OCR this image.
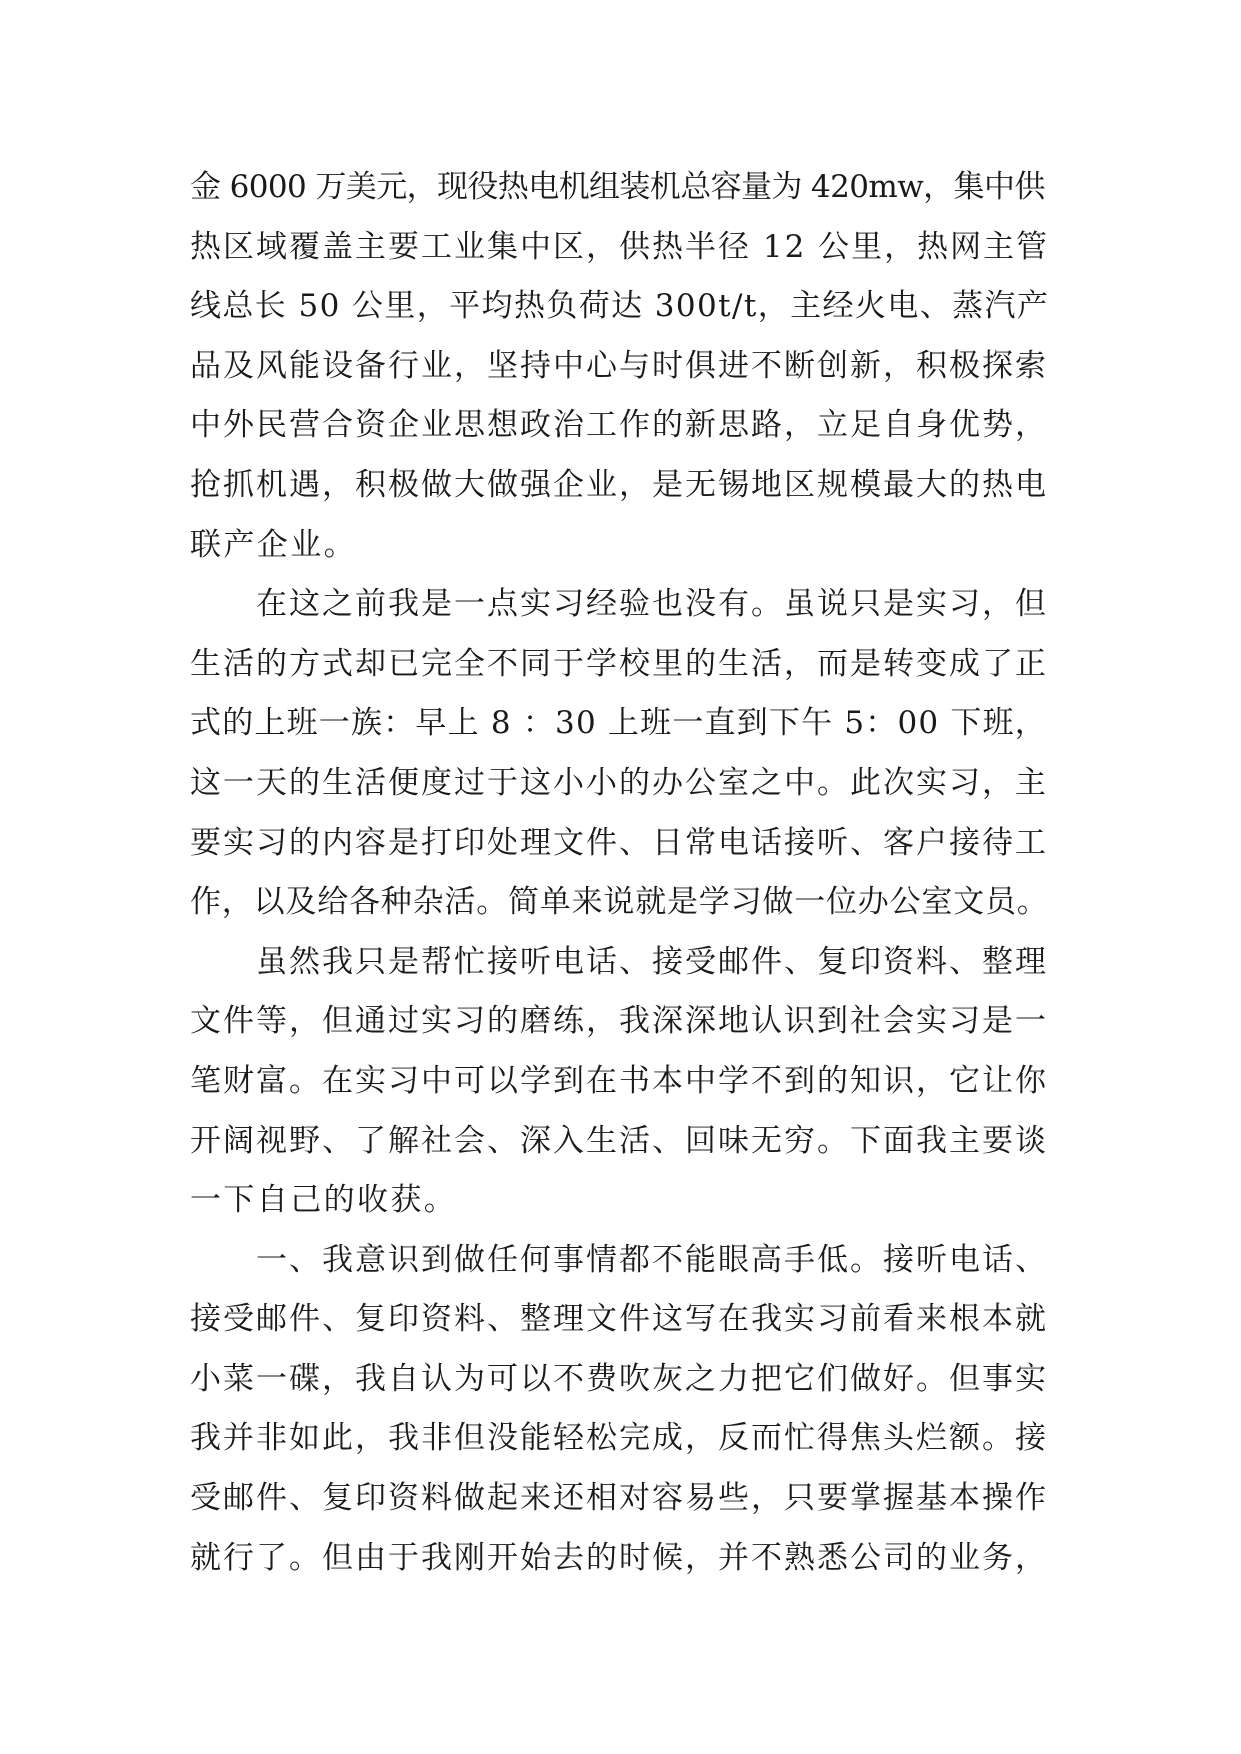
金 6000 万美元，现役热电机组装机总容量为 420mw，集中供
热区域覆盖主要工业集中区，供热半径 12 公里，热网主管
线总长 50 公里，平均热负荷达 300t/t，主经火电、蒸汽产
品及风能设备行业，坚持中心与时俱进不断创新，积极探索
中外民营合资企业思想政治工作的新思路，立足自身优势，
抢抓机遇，积极做大做强企业，是无锡地区规模最大的热电
联产企业。
在这之前我是一点实习经验也没有。虽说只是实习，但
生活的方式却已完全不同于学校里的生活，而是转变成了正
式的上班一族：早上 8 ：30 上班一直到下午 5：00 下班，
这一天的生活便度过于这小小的办公室之中。此次实习，主
要实习的内容是打印处理文件、日常电话接听、客户接待工
作，以及给各种杂活。简单来说就是学习做一位办公室文员。
虽然我只是帮忙接听电话、接受邮件、复印资料、整理
文件等，但通过实习的磨练，我深深地认识到社会实习是一
笔财富。在实习中可以学到在书本中学不到的知识，它让你
开阔视野、了解社会、深入生活、回味无穷。下面我主要谈
一下自己的收获。
一、我意识到做任何事情都不能眼高手低。接听电话、
接受邮件、复印资料、整理文件这写在我实习前看来根本就
小菜一碟，我自认为可以不费吹灰之力把它们做好。但事实
我并非如此，我非但没能轻松完成，反而忙得焦头烂额。接
受邮件、复印资料做起来还相对容易些，只要掌握基本操作
就行了。但由于我刚开始去的时候，并不熟悉公司的业务，
